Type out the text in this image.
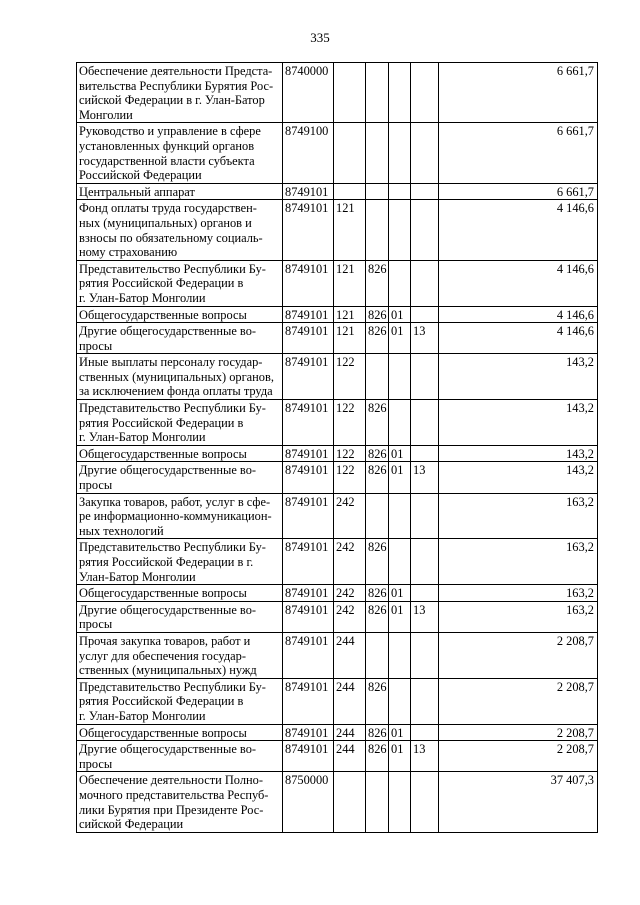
335
Обеспечение деятельности Предста-
вительства Республики Бурятия Рос-
сийской Федерации в г. Улан-Батор
Монголии	8740000					6 661,7

Руководство и управление в сфере
установленных функций органов
государственной власти субъекта
Российской Федерации	8749100					6 661,7

Центральный аппарат	8749101					6 661,7

Фонд оплаты труда государствен-
ных (муниципальных) органов и
взносы по обязательному социаль-
ному страхованию	8749101	121				4 146,6

Представительство Республики Бу-
рятия Российской Федерации в
г. Улан-Батор Монголии	8749101	121	826			4 146,6

Общегосударственные вопросы	8749101	121	826	01		4 146,6

Другие общегосударственные во-
просы	8749101	121	826	01	13	4 146,6

Иные выплаты персоналу государ-
ственных (муниципальных) органов,
за исключением фонда оплаты труда	8749101	122				143,2

Представительство Республики Бу-
рятия Российской Федерации в
г. Улан-Батор Монголии	8749101	122	826			143,2

Общегосударственные вопросы	8749101	122	826	01		143,2

Другие общегосударственные во-
просы	8749101	122	826	01	13	143,2

Закупка товаров, работ, услуг в сфе-
ре информационно-коммуникацион-
ных технологий	8749101	242				163,2

Представительство Республики Бу-
рятия Российской Федерации в г.
Улан-Батор Монголии	8749101	242	826			163,2

Общегосударственные вопросы	8749101	242	826	01		163,2

Другие общегосударственные во-
просы	8749101	242	826	01	13	163,2

Прочая закупка товаров, работ и
услуг для обеспечения государ-
ственных (муниципальных) нужд	8749101	244				2 208,7

Представительство Республики Бу-
рятия Российской Федерации в
г. Улан-Батор Монголии	8749101	244	826			2 208,7

Общегосударственные вопросы	8749101	244	826	01		2 208,7

Другие общегосударственные во-
просы	8749101	244	826	01	13	2 208,7

Обеспечение деятельности Полно-
мочного представительства Респуб-
лики Бурятия при Президенте Рос-
сийской Федерации	8750000					37 407,3
